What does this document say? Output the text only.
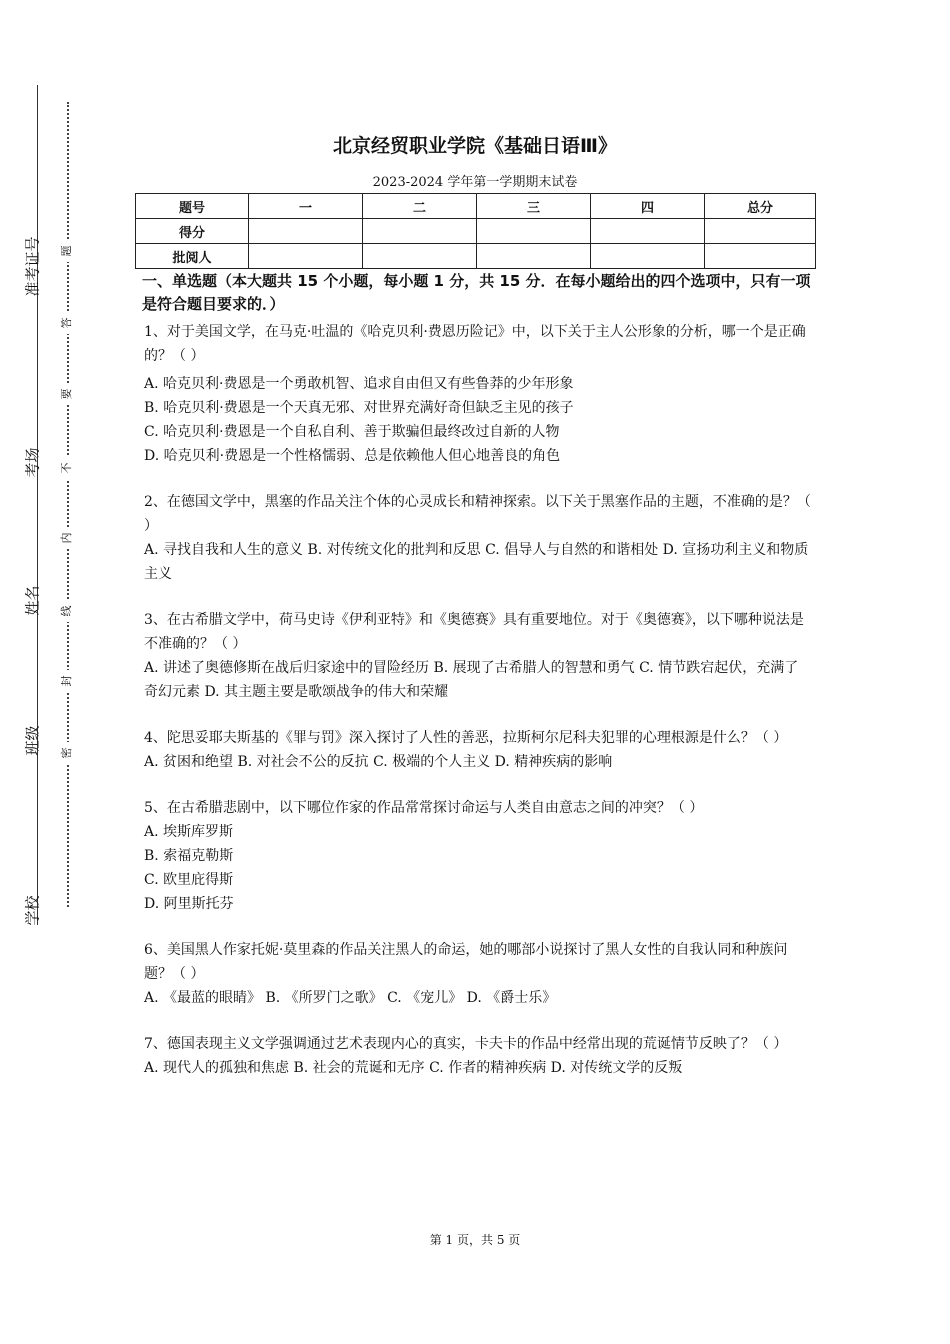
准考证号
考场
姓名
班级
学校
题
答
要
不
内
线
封
密
北京经贸职业学院《基础日语Ⅲ》
2023-2024 学年第一学期期末试卷
题号	一	二	三	四	总分
得分					
批阅人					
一、单选题（本大题共 15 个小题，每小题 1 分，共 15 分．在每小题给出的四个选项中，只有一项是符合题目要求的．）
1、对于美国文学，在马克·吐温的《哈克贝利·费恩历险记》中，以下关于主人公形象的分析，哪一个是正确的？（ ）
A. 哈克贝利·费恩是一个勇敢机智、追求自由但又有些鲁莽的少年形象
B. 哈克贝利·费恩是一个天真无邪、对世界充满好奇但缺乏主见的孩子
C. 哈克贝利·费恩是一个自私自利、善于欺骗但最终改过自新的人物
D. 哈克贝利·费恩是一个性格懦弱、总是依赖他人但心地善良的角色
2、在德国文学中，黑塞的作品关注个体的心灵成长和精神探索。以下关于黑塞作品的主题，不准确的是？（ ）
A. 寻找自我和人生的意义 B. 对传统文化的批判和反思 C. 倡导人与自然的和谐相处 D. 宣扬功利主义和物质主义
3、在古希腊文学中，荷马史诗《伊利亚特》和《奥德赛》具有重要地位。对于《奥德赛》，以下哪种说法是不准确的？（ ）
A. 讲述了奥德修斯在战后归家途中的冒险经历 B. 展现了古希腊人的智慧和勇气 C. 情节跌宕起伏，充满了奇幻元素 D. 其主题主要是歌颂战争的伟大和荣耀
4、陀思妥耶夫斯基的《罪与罚》深入探讨了人性的善恶，拉斯柯尔尼科夫犯罪的心理根源是什么？（ ）
A. 贫困和绝望 B. 对社会不公的反抗 C. 极端的个人主义 D. 精神疾病的影响
5、在古希腊悲剧中，以下哪位作家的作品常常探讨命运与人类自由意志之间的冲突？（ ）
A. 埃斯库罗斯
B. 索福克勒斯
C. 欧里庇得斯
D. 阿里斯托芬
6、美国黑人作家托妮·莫里森的作品关注黑人的命运，她的哪部小说探讨了黑人女性的自我认同和种族问题？（ ）
A. 《最蓝的眼睛》 B. 《所罗门之歌》 C. 《宠儿》 D. 《爵士乐》
7、德国表现主义文学强调通过艺术表现内心的真实，卡夫卡的作品中经常出现的荒诞情节反映了？（ ）
A. 现代人的孤独和焦虑 B. 社会的荒诞和无序 C. 作者的精神疾病 D. 对传统文学的反叛
第 1 页，共 5 页
